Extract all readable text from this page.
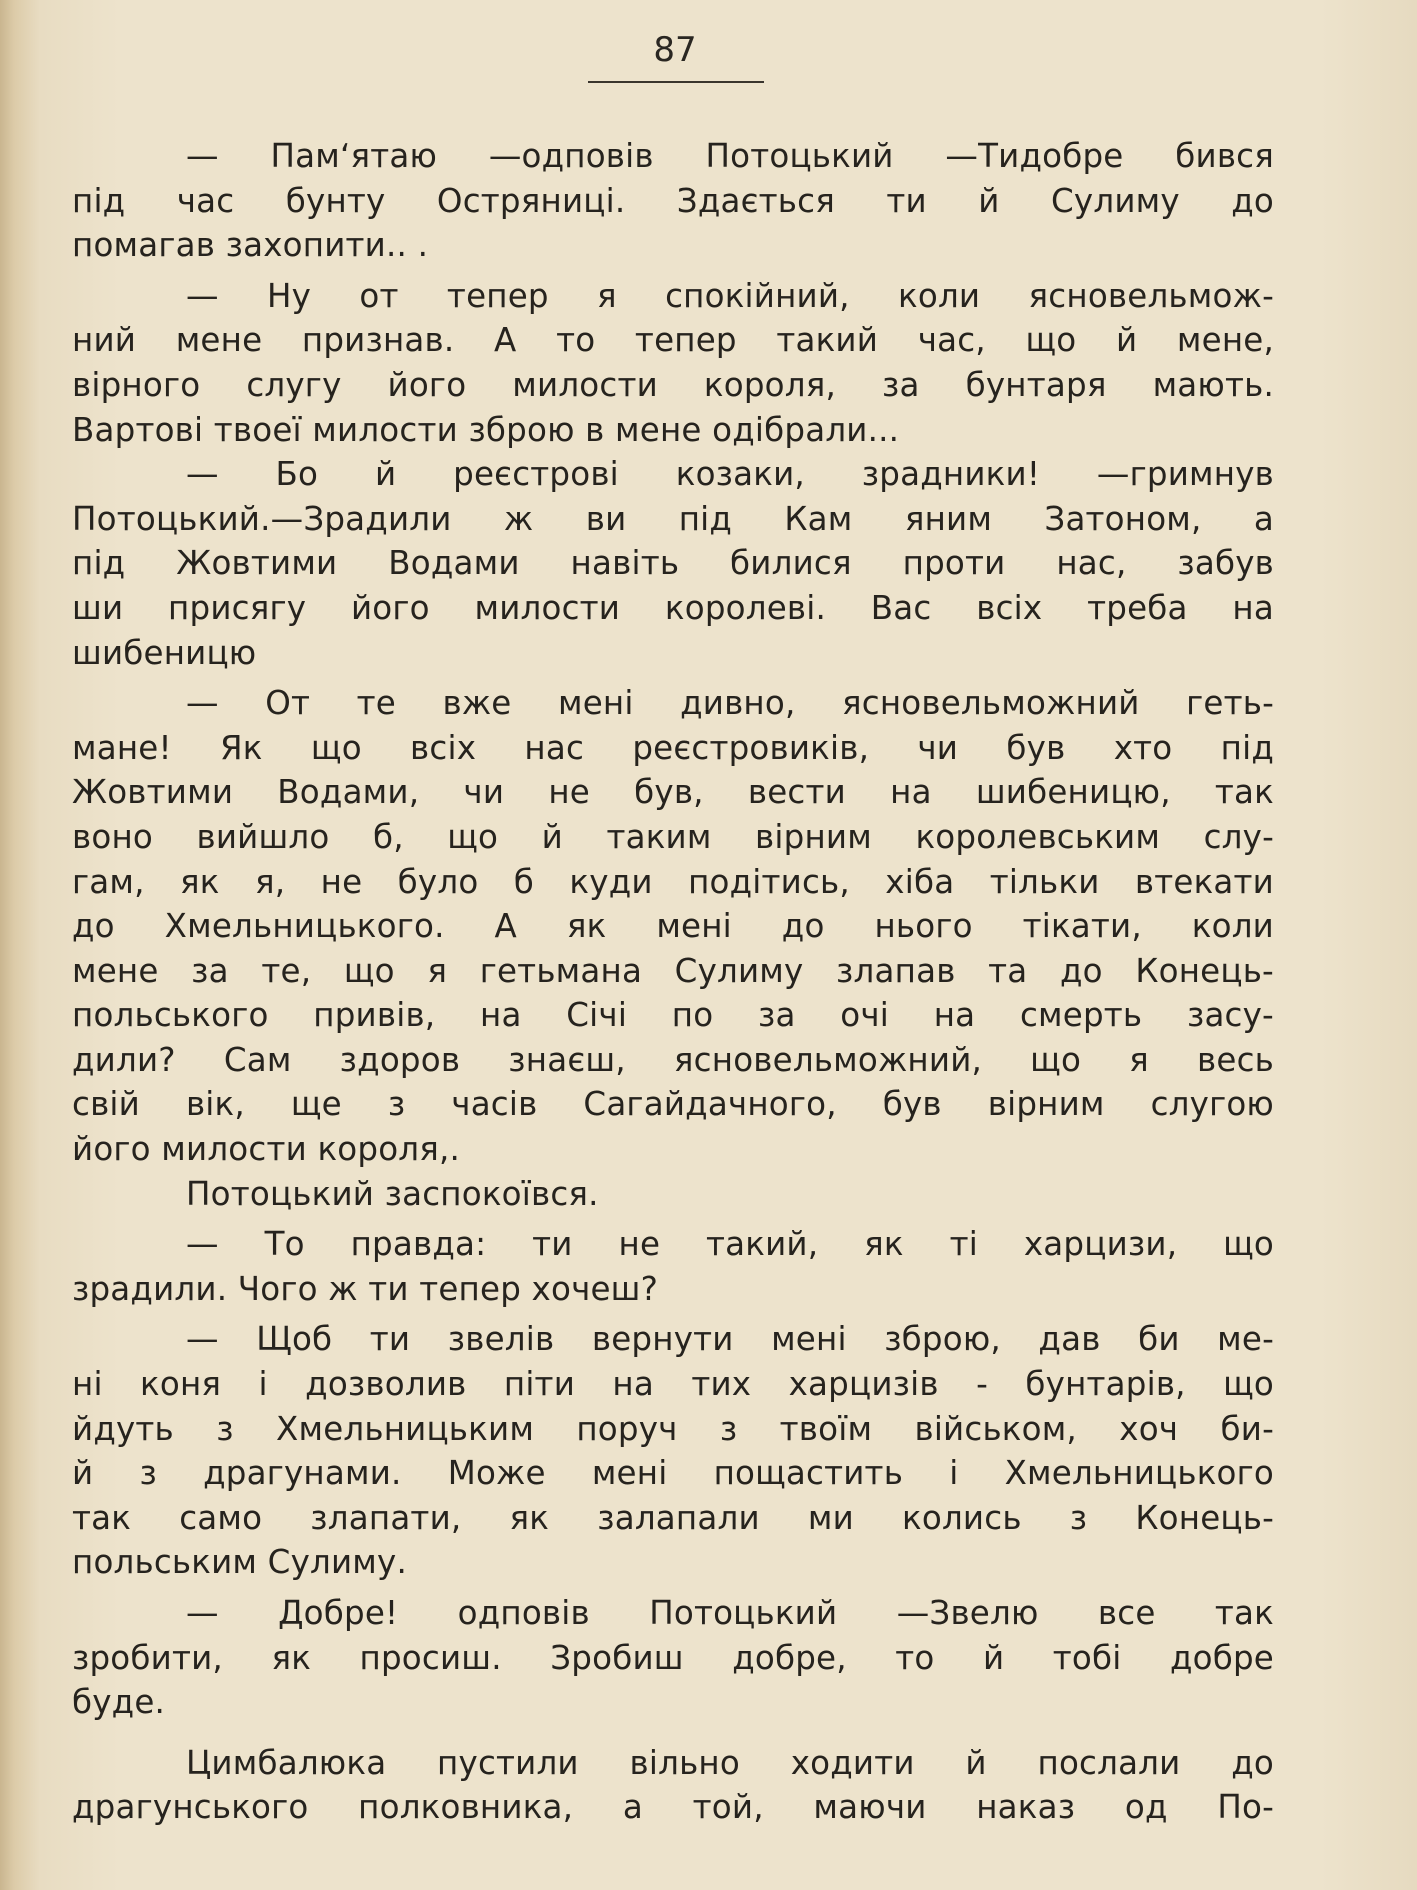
87
— Пам‘ятаю —одповів Потоцький —Тидобре бився
під час бунту Остряниці. Здається ти й Сулиму до
помагав захопити.. .
— Ну от тепер я спокійний, коли ясновельмож-
ний мене признав. А то тепер такий час, що й мене,
вірного слугу його милости короля, за бунтаря мають.
Вартові твоеї милости зброю в мене одібрали...
— Бо й реєстрові козаки, зрадники! —гримнув
Потоцький.—Зрадили ж ви під Кам яним Затоном, а
під Жовтими Водами навіть билися проти нас, забув
ши присягу його милости королеві. Вас всіх треба на
шибеницю
— От те вже мені дивно, ясновельможний геть-
мане! Як що всіх нас реєстровиків, чи був хто під
Жовтими Водами, чи не був, вести на шибеницю, так
воно вийшло б, що й таким вірним королевським слу-
гам, як я, не було б куди подітись, хіба тільки втекати
до Хмельницького. А як мені до нього тікати, коли
мене за те, що я гетьмана Сулиму злапав та до Конець-
польського привів, на Січі по за очі на смерть засу-
дили? Сам здоров знаєш, ясновельможний, що я весь
свій вік, ще з часів Сагайдачного, був вірним слугою
його милости короля,.
Потоцький заспокоївся.
— То правда: ти не такий, як ті харцизи, що
зрадили. Чого ж ти тепер хочеш?
— Щоб ти звелів вернути мені зброю, дав би ме-
ні коня і дозволив піти на тих харцизів - бунтарів, що
йдуть з Хмельницьким поруч з твоїм військом, хоч би-
й з драгунами. Може мені пощастить і Хмельницького
так само злапати, як залапали ми колись з Конець-
польським Сулиму.
— Добре! одповів Потоцький —Звелю все так
зробити, як просиш. Зробиш добре, то й тобі добре
буде.
Цимбалюка пустили вільно ходити й послали до
драгунського полковника, а той, маючи наказ од По-
